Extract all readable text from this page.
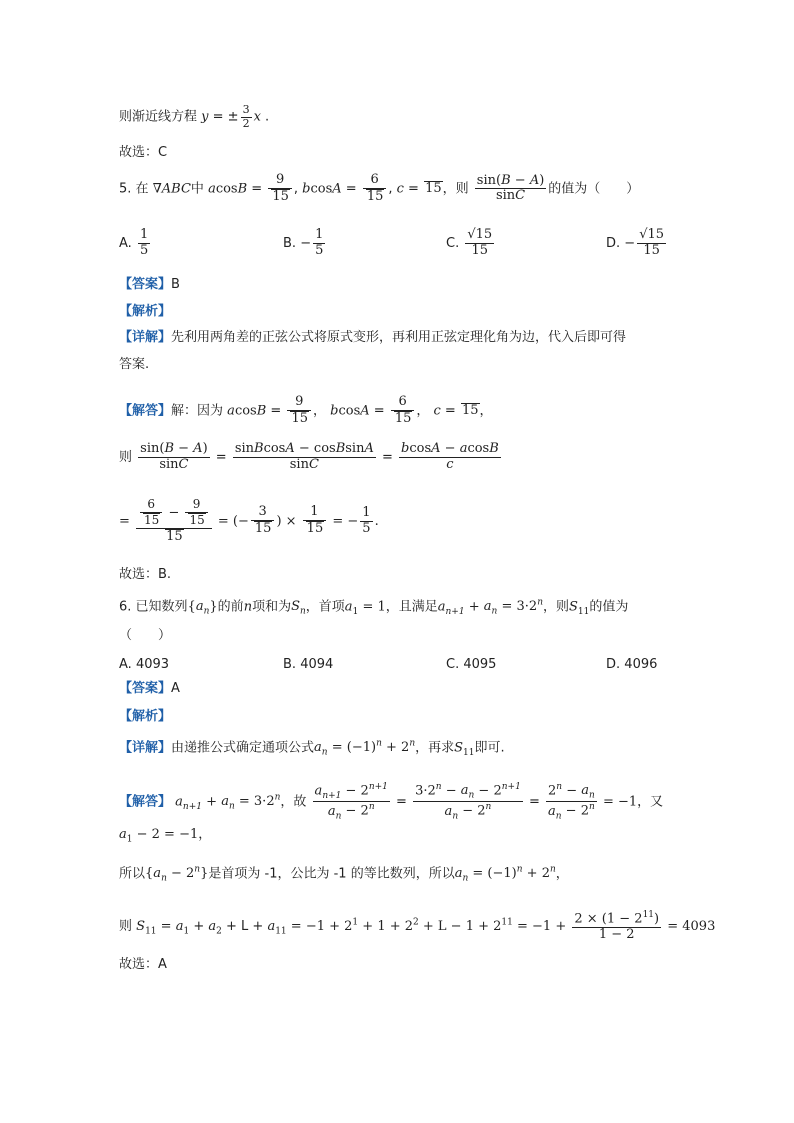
则渐近线方程 y = ± $\frac{3}{2}$ x .
故选：C
5. 在 ∇ABC中 $acosB = \frac{9}{15}$ , $bcosA = \frac{6}{15}$ , c = 15，则 $\frac{\sin(B - A)}{\sin C}$ 的值为（　　）
A. $\frac{1}{5}$	B. − $\frac{1}{5}$	C. $\frac{√15}{15}$	D. − $\frac{√15}{15}$
【答案】B
【解析】
【详解】先利用两角差的正弦公式将原式变形，再利用正弦定理化角为边，代入后即可得
答案.
【解答】解：因为 $acosB = \frac{9}{15}$ ， $bcosA = \frac{6}{15}$ ， c = 15，
则 $\frac{\sin(B - A)}{\sin C} = \frac{\text{sinBcosA − cosBsinA}}{\sin C} = \frac{bcosA - acosB}{c}$
= $\frac{\frac{6}{15} - \frac{9}{15}}{15}$ = (− $\frac{3}{15}$ ) × $\frac{1}{15}$ = − $\frac{1}{5}$ .
故选：B.
6. 已知数列$\{a_n\}$的前n项和为$S_n$，首项$a_1 = 1$，且满足$a_{n+1} + a_n = 3\cdot 2^n$，则$S_{11}$的值为
（　　）
A. 4093	B. 4094	C. 4095	D. 4096
【答案】A
【解析】
【详解】由递推公式确定通项公式$a_n = (-1)^n + 2^n$，再求$S_{11}$即可.
【解答】 $a_{n+1} + a_n = 3\cdot 2^n$，故 $\frac{a_{n+1} - 2^{n+1}}{a_n - 2^n} = \frac{3\cdot 2^n - a_n - 2^{n+1}}{a_n - 2^n} = \frac{2^n - a_n}{a_n - 2^n} = -1$，又
$a_1 - 2 = -1$，
所以$\{a_n - 2^n\}$是首项为 -1，公比为 -1 的等比数列，所以$a_n = (-1)^n + 2^n$，
则 $S_{11} = a_1 + a_2 + L + a_{11} = -1 + 2^1 + 1 + 2^2 + L - 1 + 2^{11} = -1 + \frac{2 \times (1 - 2^{11})}{1 - 2} = 4093$
故选：A
